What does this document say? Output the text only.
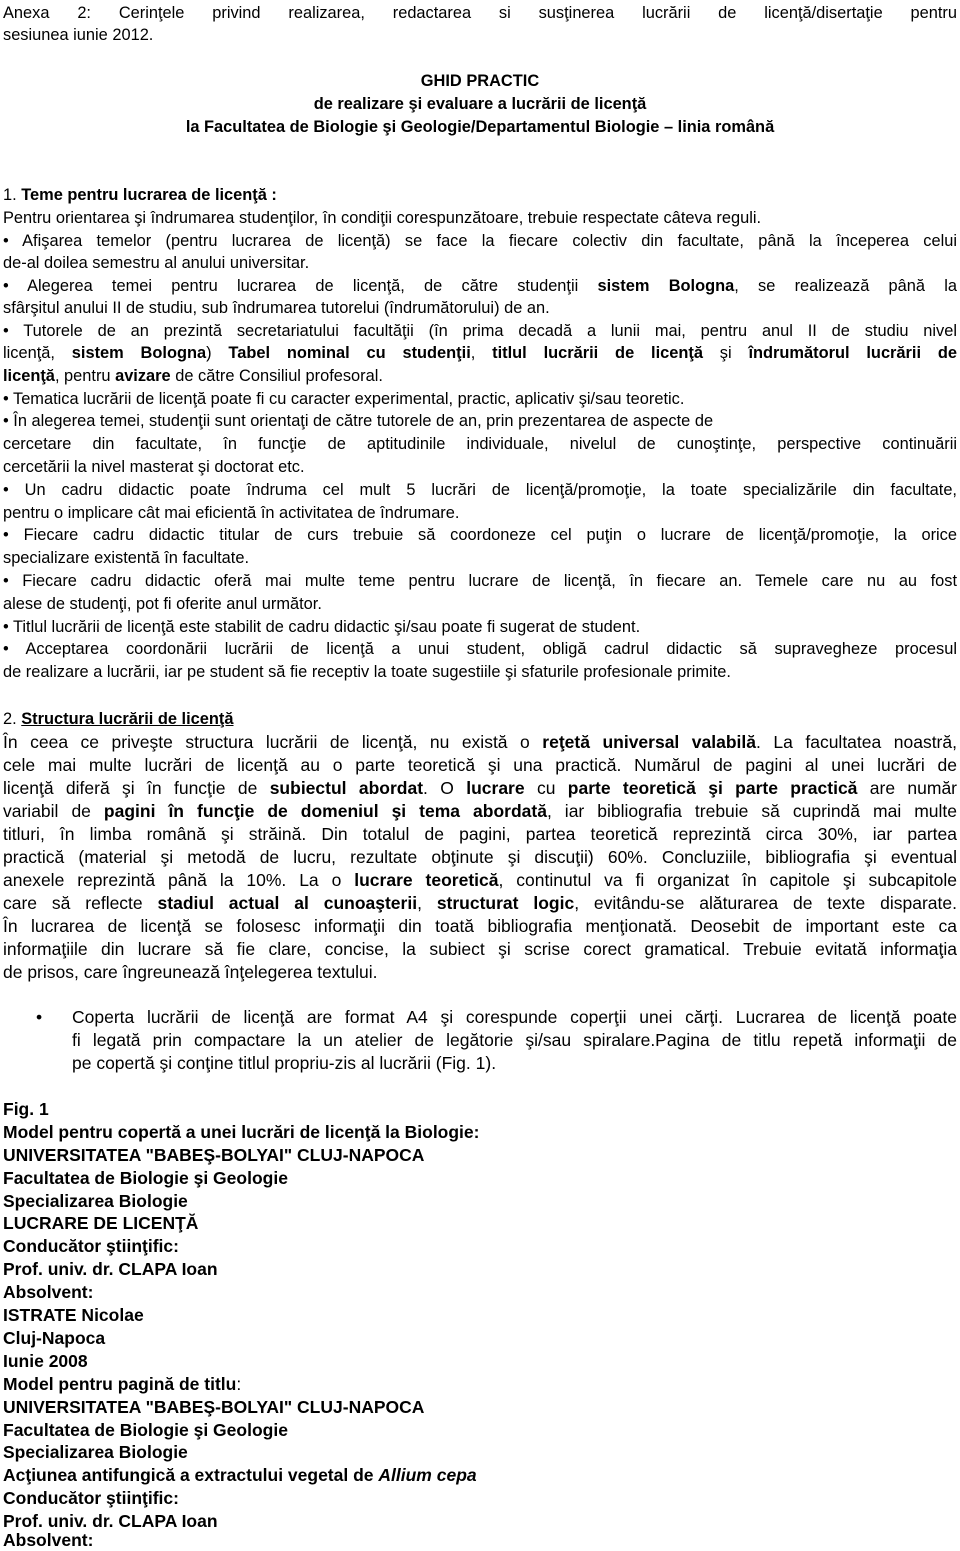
Anexa 2: Cerinţele privind realizarea, redactarea si susţinerea lucrării de licenţă/disertaţie pentru
sesiunea iunie 2012.
GHID PRACTIC
de realizare şi evaluare a lucrării de licenţă
la Facultatea de Biologie şi Geologie/Departamentul Biologie – linia română
1. Teme pentru lucrarea de licenţă :
Pentru orientarea şi îndrumarea studenţilor, în condiţii corespunzătoare, trebuie respectate câteva reguli.
• Afişarea temelor (pentru lucrarea de licenţă) se face la fiecare colectiv din facultate, până la începerea celui
de-al doilea semestru al anului universitar.
• Alegerea temei pentru lucrarea de licenţă, de către studenţii sistem Bologna, se realizează până la
sfârşitul anului II de studiu, sub îndrumarea tutorelui (îndrumătorului) de an.
• Tutorele de an prezintă secretariatului facultăţii (în prima decadă a lunii mai, pentru anul II de studiu nivel
licenţă, sistem Bologna) Tabel nominal cu studenţii, titlul lucrării de licenţă şi îndrumătorul lucrării de
licenţă, pentru avizare de către Consiliul profesoral.
• Tematica lucrării de licenţă poate fi cu caracter experimental, practic, aplicativ şi/sau teoretic.
• În alegerea temei, studenţii sunt orientaţi de către tutorele de an, prin prezentarea de aspecte de
cercetare din facultate, în funcţie de aptitudinile individuale, nivelul de cunoştinţe, perspective continuării
cercetării la nivel masterat şi doctorat etc.
• Un cadru didactic poate îndruma cel mult 5 lucrări de licenţă/promoţie, la toate specializările din facultate,
pentru o implicare cât mai eficientă în activitatea de îndrumare.
• Fiecare cadru didactic titular de curs trebuie să coordoneze cel puţin o lucrare de licenţă/promoţie, la orice
specializare existentă în facultate.
• Fiecare cadru didactic oferă mai multe teme pentru lucrare de licenţă, în fiecare an. Temele care nu au fost
alese de studenţi, pot fi oferite anul următor.
• Titlul lucrării de licenţă este stabilit de cadru didactic şi/sau poate fi sugerat de student.
• Acceptarea coordonării lucrării de licenţă a unui student, obligă cadrul didactic să supravegheze procesul
de realizare a lucrării, iar pe student să fie receptiv la toate sugestiile şi sfaturile profesionale primite.
2. Structura lucrării de licenţă
În ceea ce priveşte structura lucrării de licenţă, nu există o reţetă universal valabilă. La facultatea noastră,
cele mai multe lucrări de licenţă au o parte teoretică şi una practică. Numărul de pagini al unei lucrări de
licenţă diferă şi în funcţie de subiectul abordat. O lucrare cu parte teoretică şi parte practică are număr
variabil de pagini în funcţie de domeniul şi tema abordată, iar bibliografia trebuie să cuprindă mai multe
titluri, în limba română şi străină. Din totalul de pagini, partea teoretică reprezintă circa 30%, iar partea
practică (material şi metodă de lucru, rezultate obţinute şi discuţii) 60%. Concluziile, bibliografia şi eventual
anexele reprezintă până la 10%. La o lucrare teoretică, continutul va fi organizat în capitole şi subcapitole
care să reflecte stadiul actual al cunoaşterii, structurat logic, evitându-se alăturarea de texte disparate.
În lucrarea de licenţă se folosesc informaţii din toată bibliografia menţionată. Deosebit de important este ca
informaţiile din lucrare să fie clare, concise, la subiect şi scrise corect gramatical. Trebuie evitată informaţia
de prisos, care îngreunează înţelegerea textului.
• Coperta lucrării de licenţă are format A4 şi corespunde coperţii unei cărţi. Lucrarea de licenţă poate
fi legată prin compactare la un atelier de legătorie şi/sau spiralare.Pagina de titlu repetă informaţii de
pe copertă şi conţine titlul propriu-zis al lucrării (Fig. 1).
Fig. 1
Model pentru copertă a unei lucrări de licenţă la Biologie:
UNIVERSITATEA "BABEŞ-BOLYAI" CLUJ-NAPOCA
Facultatea de Biologie şi Geologie
Specializarea Biologie
LUCRARE DE LICENŢĂ
Conducător ştiinţific:
Prof. univ. dr. CLAPA Ioan
Absolvent:
ISTRATE Nicolae
Cluj-Napoca
Iunie 2008
Model pentru pagină de titlu:
UNIVERSITATEA "BABEŞ-BOLYAI" CLUJ-NAPOCA
Facultatea de Biologie şi Geologie
Specializarea Biologie
Acţiunea antifungică a extractului vegetal de Allium cepa
Conducător ştiinţific:
Prof. univ. dr. CLAPA Ioan
Absolvent:
